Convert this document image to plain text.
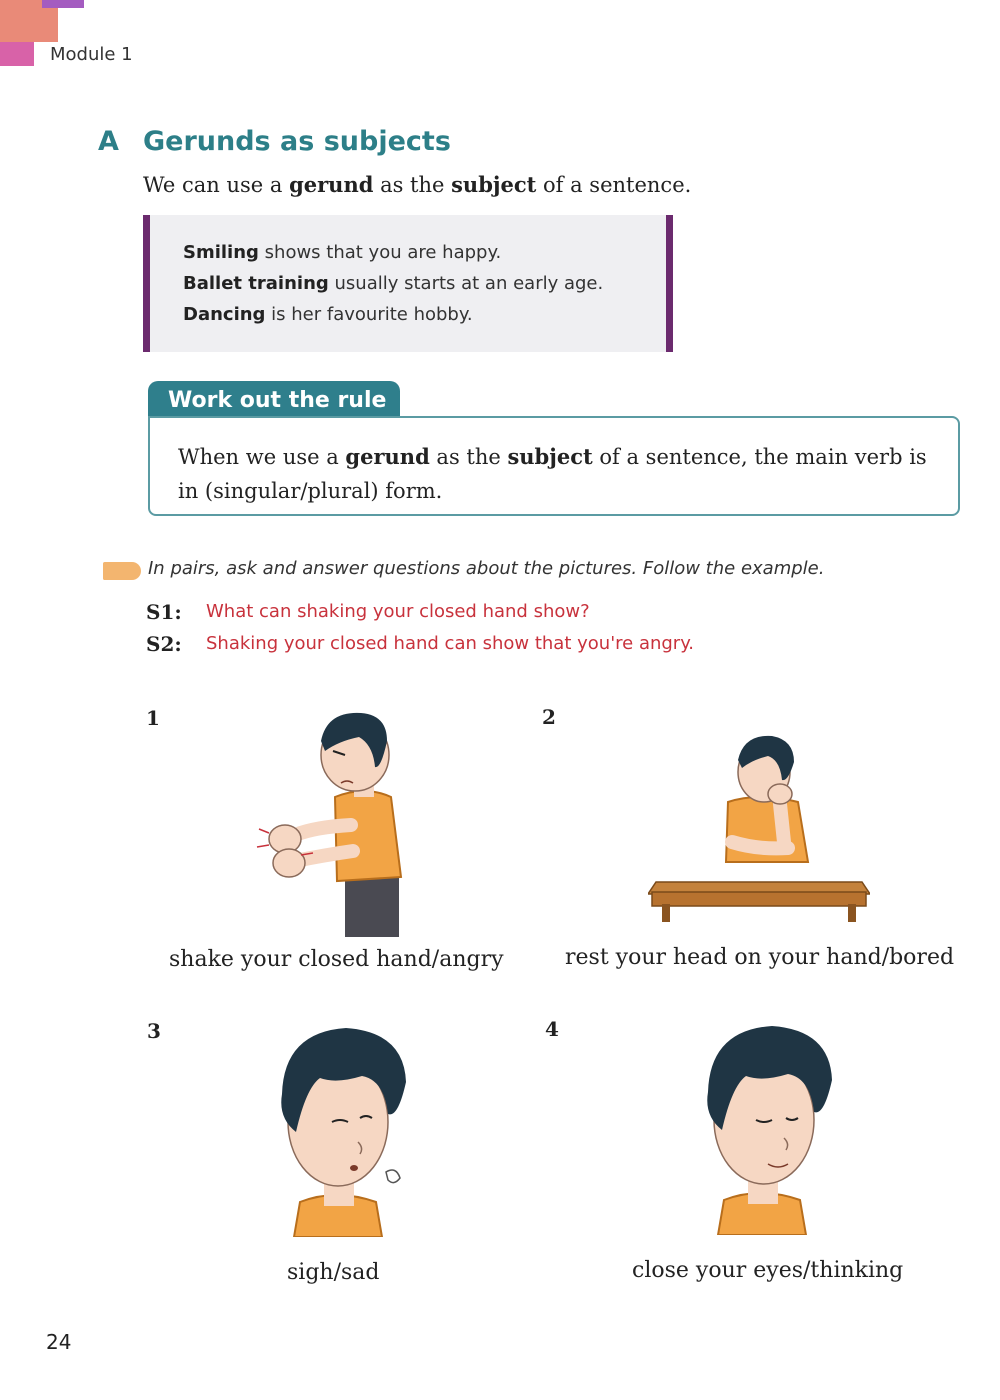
Module 1
A Gerunds as subjects
We can use a gerund as the subject of a sentence.
Smiling shows that you are happy.
Ballet training usually starts at an early age.
Dancing is her favourite hobby.
Work out the rule
When we use a gerund as the subject of a sentence, the main verb is in (singular/plural) form.
In pairs, ask and answer questions about the pictures. Follow the example.
S1: What can shaking your closed hand show?
S2: Shaking your closed hand can show that you're angry.
1
shake your closed hand/angry
2
rest your head on your hand/bored
3
sigh/sad
4
close your eyes/thinking
24
